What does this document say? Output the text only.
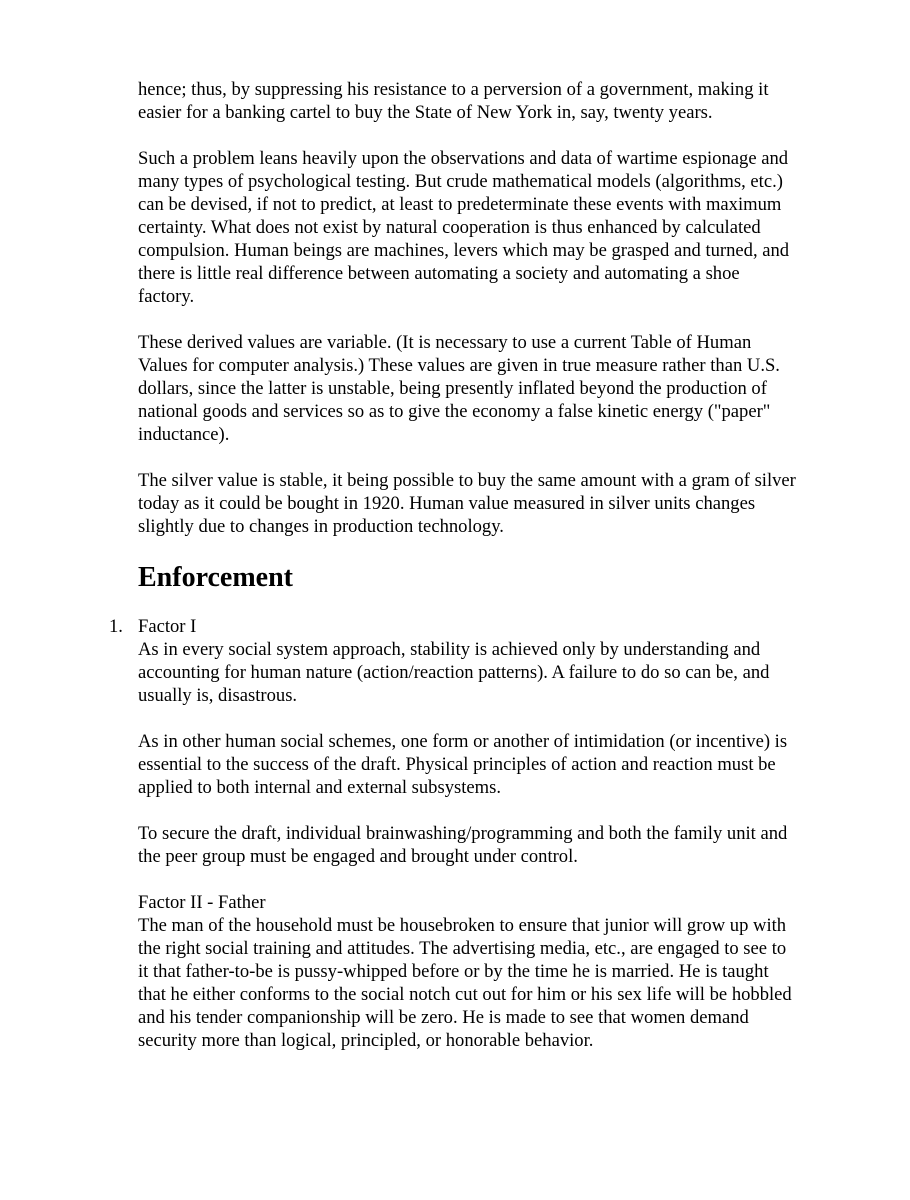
hence; thus, by suppressing his resistance to a perversion of a government, making it easier for a banking cartel to buy the State of New York in, say, twenty years.

Such a problem leans heavily upon the observations and data of wartime espionage and many types of psychological testing. But crude mathematical models (algorithms, etc.) can be devised, if not to predict, at least to predeterminate these events with maximum certainty. What does not exist by natural cooperation is thus enhanced by calculated compulsion. Human beings are machines, levers which may be grasped and turned, and there is little real difference between automating a society and automating a shoe factory.

These derived values are variable. (It is necessary to use a current Table of Human Values for computer analysis.) These values are given in true measure rather than U.S. dollars, since the latter is unstable, being presently inflated beyond the production of national goods and services so as to give the economy a false kinetic energy ("paper" inductance).

The silver value is stable, it being possible to buy the same amount with a gram of silver today as it could be bought in 1920. Human value measured in silver units changes slightly due to changes in production technology.

Enforcement
1. Factor I

As in every social system approach, stability is achieved only by understanding and accounting for human nature (action/reaction patterns). A failure to do so can be, and usually is, disastrous.

As in other human social schemes, one form or another of intimidation (or incentive) is essential to the success of the draft. Physical principles of action and reaction must be applied to both internal and external subsystems.

To secure the draft, individual brainwashing/programming and both the family unit and the peer group must be engaged and brought under control.

Factor II - Father

The man of the household must be housebroken to ensure that junior will grow up with the right social training and attitudes. The advertising media, etc., are engaged to see to it that father-to-be is pussy-whipped before or by the time he is married. He is taught that he either conforms to the social notch cut out for him or his sex life will be hobbled and his tender companionship will be zero. He is made to see that women demand security more than logical, principled, or honorable behavior.
